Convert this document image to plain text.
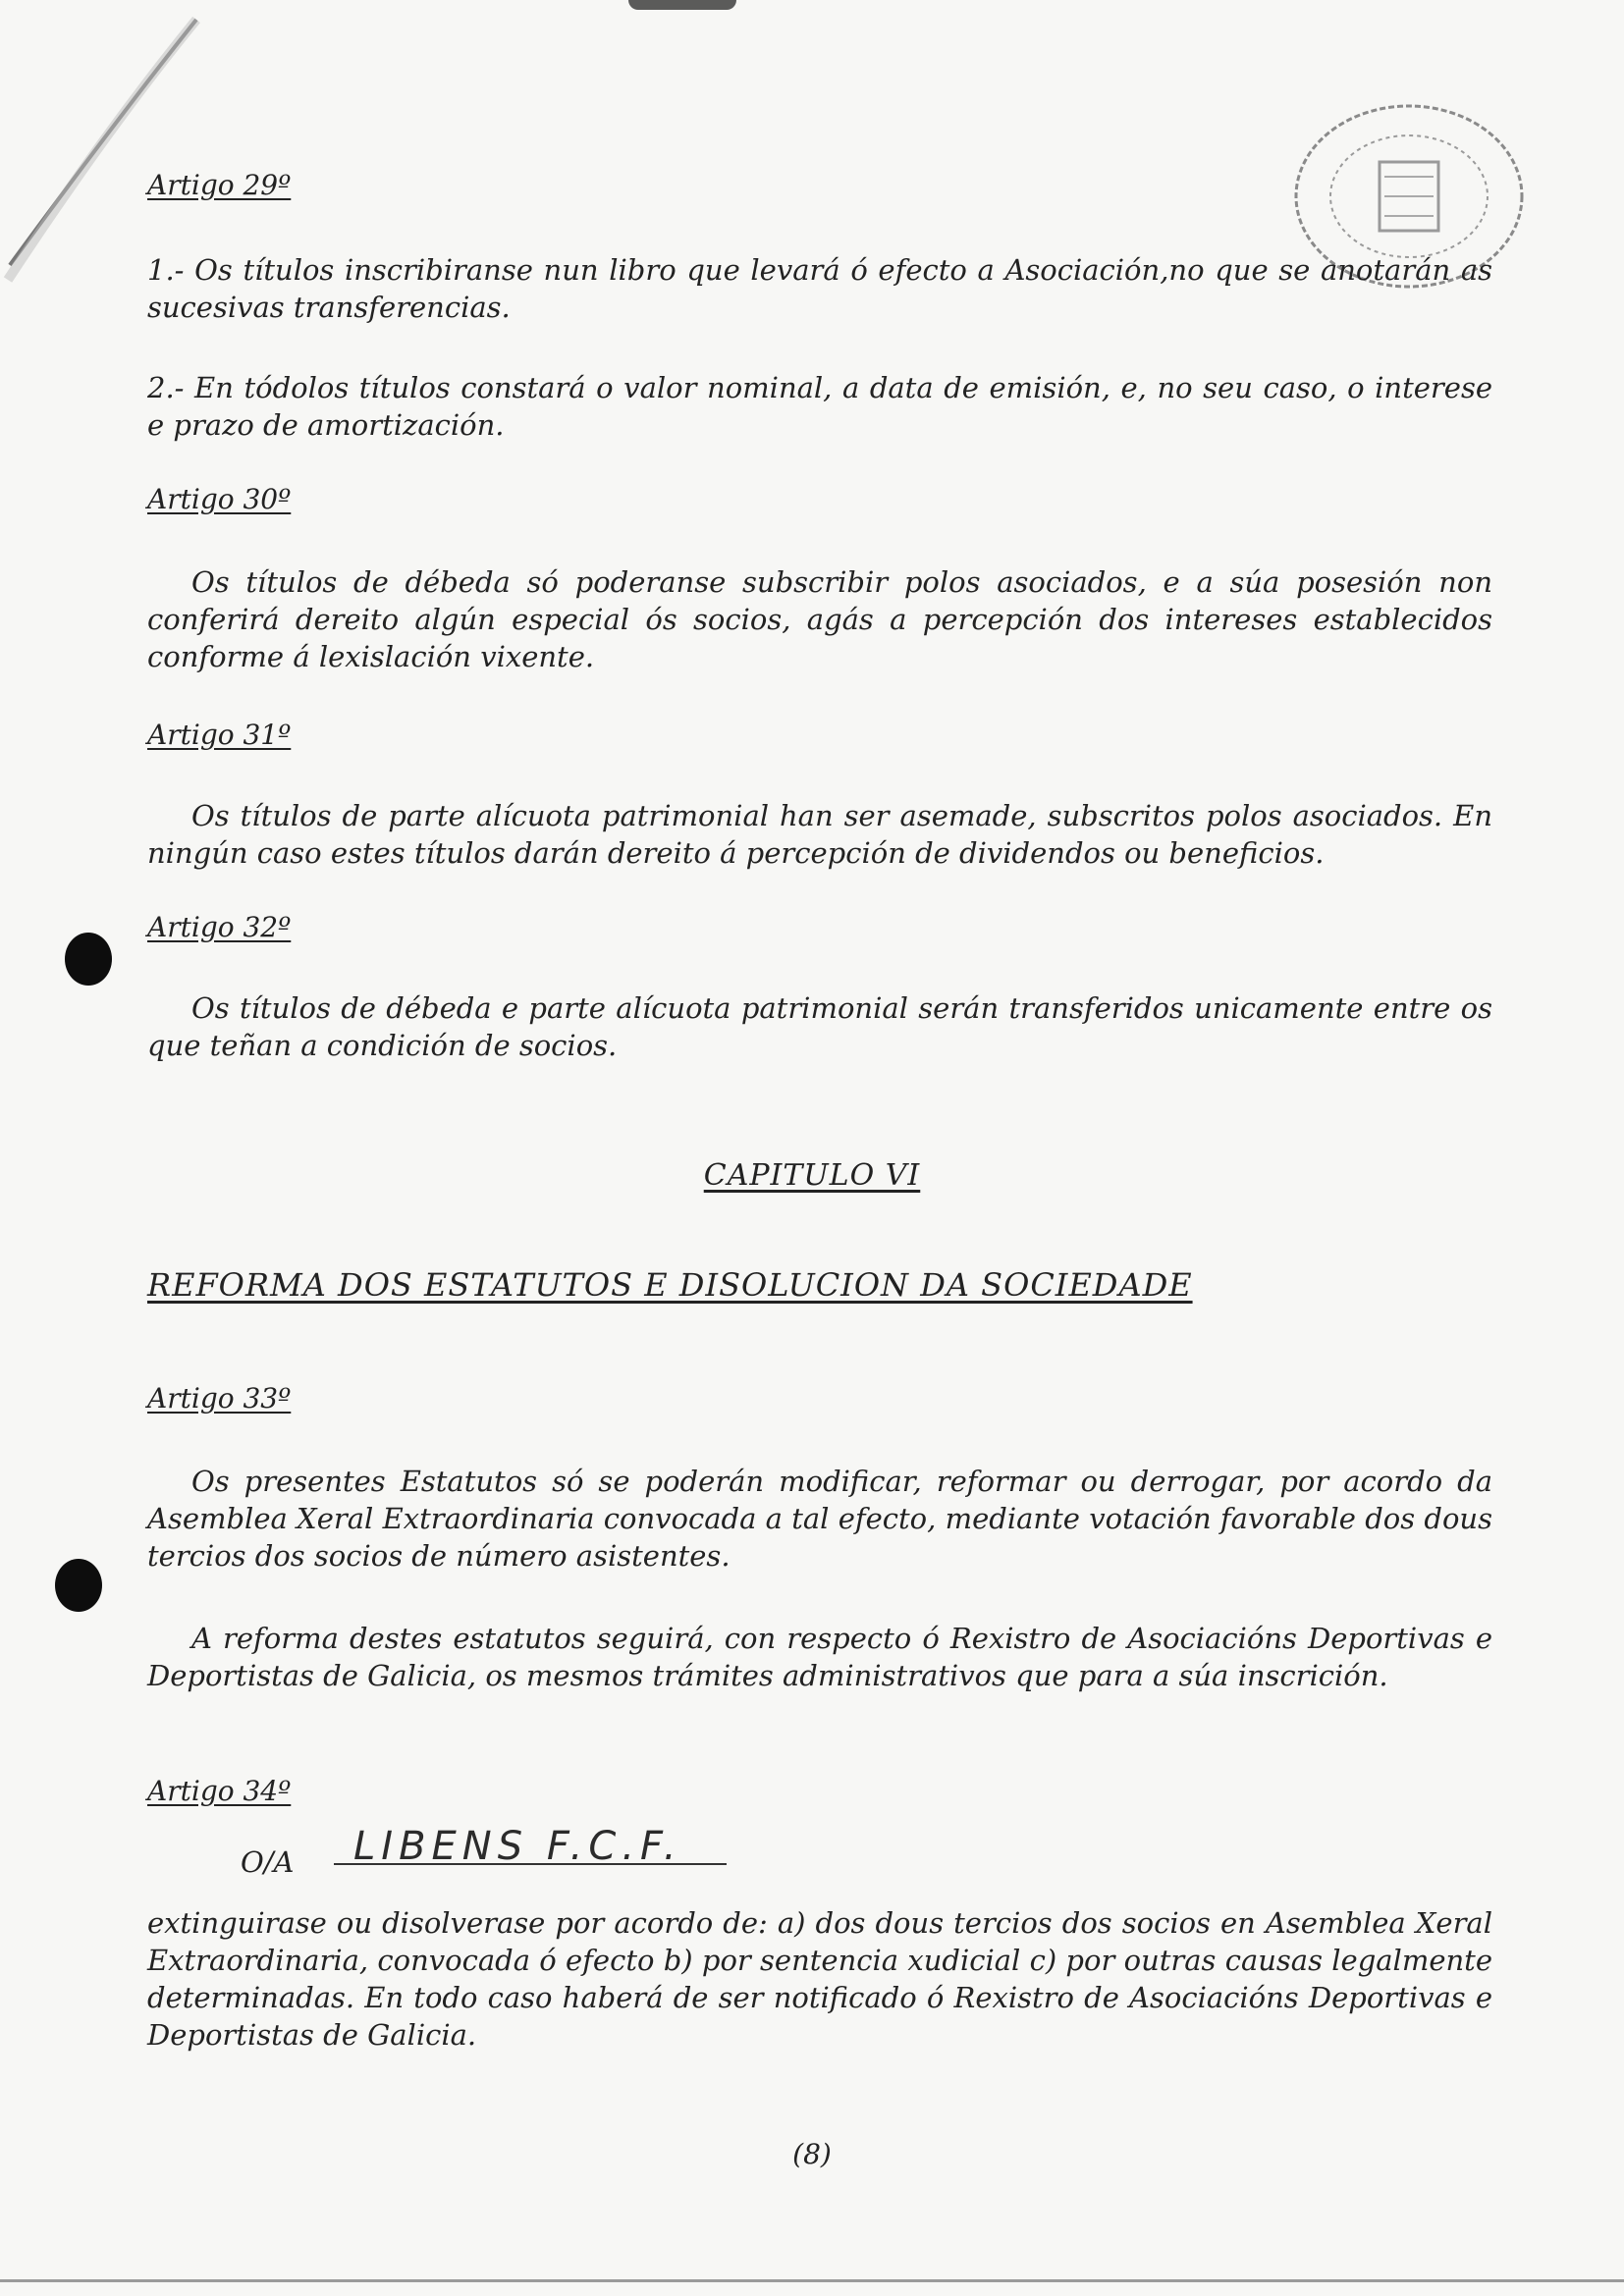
Artigo 29º

1.- Os títulos inscribiranse nun libro que levará ó efecto a Asociación,no que se anotarán as sucesivas transferencias.

2.- En tódolos títulos constará o valor nominal, a data de emisión, e, no seu caso, o interese e prazo de amortización.

Artigo 30º

Os títulos de débeda só poderanse subscribir polos asociados, e a súa posesión non conferirá dereito algún especial ós socios, agás a percepción dos intereses establecidos conforme á lexislación vixente.

Artigo 31º

Os títulos de parte alícuota patrimonial han ser asemade, subscritos polos asociados. En ningún caso estes títulos darán dereito á percepción de dividendos ou beneficios.

Artigo 32º

Os títulos de débeda e parte alícuota patrimonial serán transferidos unicamente entre os que teñan a condición de socios.

CAPITULO VI
REFORMA DOS ESTATUTOS E DISOLUCION DA SOCIEDADE
Artigo 33º

Os presentes Estatutos só se poderán modificar, reformar ou derrogar, por acordo da Asemblea Xeral Extraordinaria convocada a tal efecto, mediante votación favorable dos dous tercios dos socios de número asistentes.

A reforma destes estatutos seguirá, con respecto ó Rexistro de Asociacións Deportivas e Deportistas de Galicia, os mesmos trámites administrativos que para a súa inscrición.

Artigo 34º
O/A LIBENS F.C.F.

extinguirase ou disolverase por acordo de: a) dos dous tercios dos socios en Asemblea Xeral Extraordinaria, convocada ó efecto b) por sentencia xudicial c) por outras causas legalmente determinadas. En todo caso haberá de ser notificado ó Rexistro de Asociacións Deportivas e Deportistas de Galicia.

(8)
